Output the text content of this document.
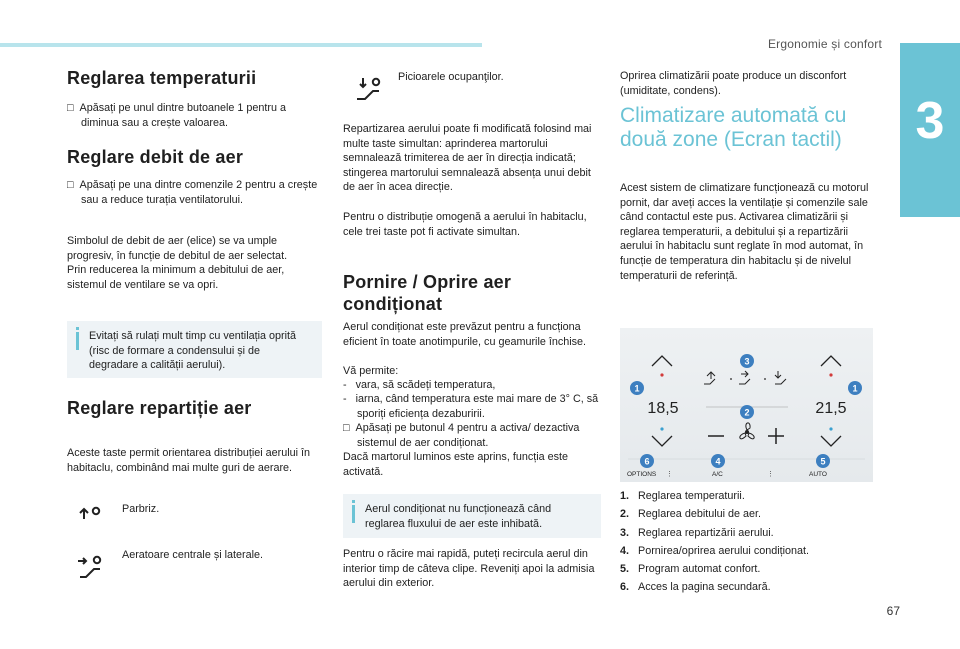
Ergonomie și confort
3
67
Reglarea temperaturii
□  Apăsați pe unul dintre butoanele 1 pentru a diminua sau a crește valoarea.
Reglare debit de aer
□  Apăsați pe una dintre comenzile 2 pentru a crește sau a reduce turația ventilatorului.
Simbolul de debit de aer (elice) se va umple progresiv, în funcție de debitul de aer selectat.
Prin reducerea la minimum a debitului de aer, sistemul de ventilare se va opri.
Evitați să rulați mult timp cu ventilația oprită (risc de formare a condensului și de degradare a calității aerului).
Reglare repartiție aer
Aceste taste permit orientarea distribuției aerului în habitaclu, combinând mai multe guri de aerare.
Parbriz.
Aeratoare centrale și laterale.
Picioarele ocupanţilor.
Repartizarea aerului poate fi modificată folosind mai multe taste simultan: aprinderea martorului semnalează trimiterea de aer în direcția indicată; stingerea martorului semnalează absența unui debit de aer în acea direcție.
Pentru o distribuție omogenă a aerului în habitaclu, cele trei taste pot fi activate simultan.
Pornire / Oprire aer condiționat
Aerul condiționat este prevăzut pentru a funcționa eficient în toate anotimpurile, cu geamurile închise.
Vă permite:
-   vara, să scădeți temperatura,
-   iarna, când temperatura este mai mare de 3° C, să sporiți eficiența dezaburirii.
□  Apăsați pe butonul 4 pentru a activa/ dezactiva sistemul de aer condiționat.
Dacă martorul luminos este aprins, funcția este activată.
Aerul condiționat nu funcționează când reglarea fluxului de aer este inhibată.
Pentru o răcire mai rapidă, puteți recircula aerul din interior timp de câteva clipe. Reveniți apoi la admisia aerului din exterior.
Oprirea climatizării poate produce un disconfort (umiditate, condens).
Climatizare automată cu două zone (Ecran tactil)
Acest sistem de climatizare funcționează cu motorul pornit, dar aveți acces la ventilație și comenzile sale când contactul este pus. Activarea climatizării și reglarea temperaturii, a debitului și a repartizării aerului în habitaclu sunt reglate în mod automat, în funcție de temperatura din habitaclu și de nivelul temperaturii de referință.
18,5	21,5
OPTIONS ⋮	A/C	⋮	AUTO
1	1
2
3
4	5
6
1. Reglarea temperaturii.
2. Reglarea debitului de aer.
3. Reglarea repartizării aerului.
4. Pornirea/oprirea aerului condiționat.
5. Program automat confort.
6. Acces la pagina secundară.
